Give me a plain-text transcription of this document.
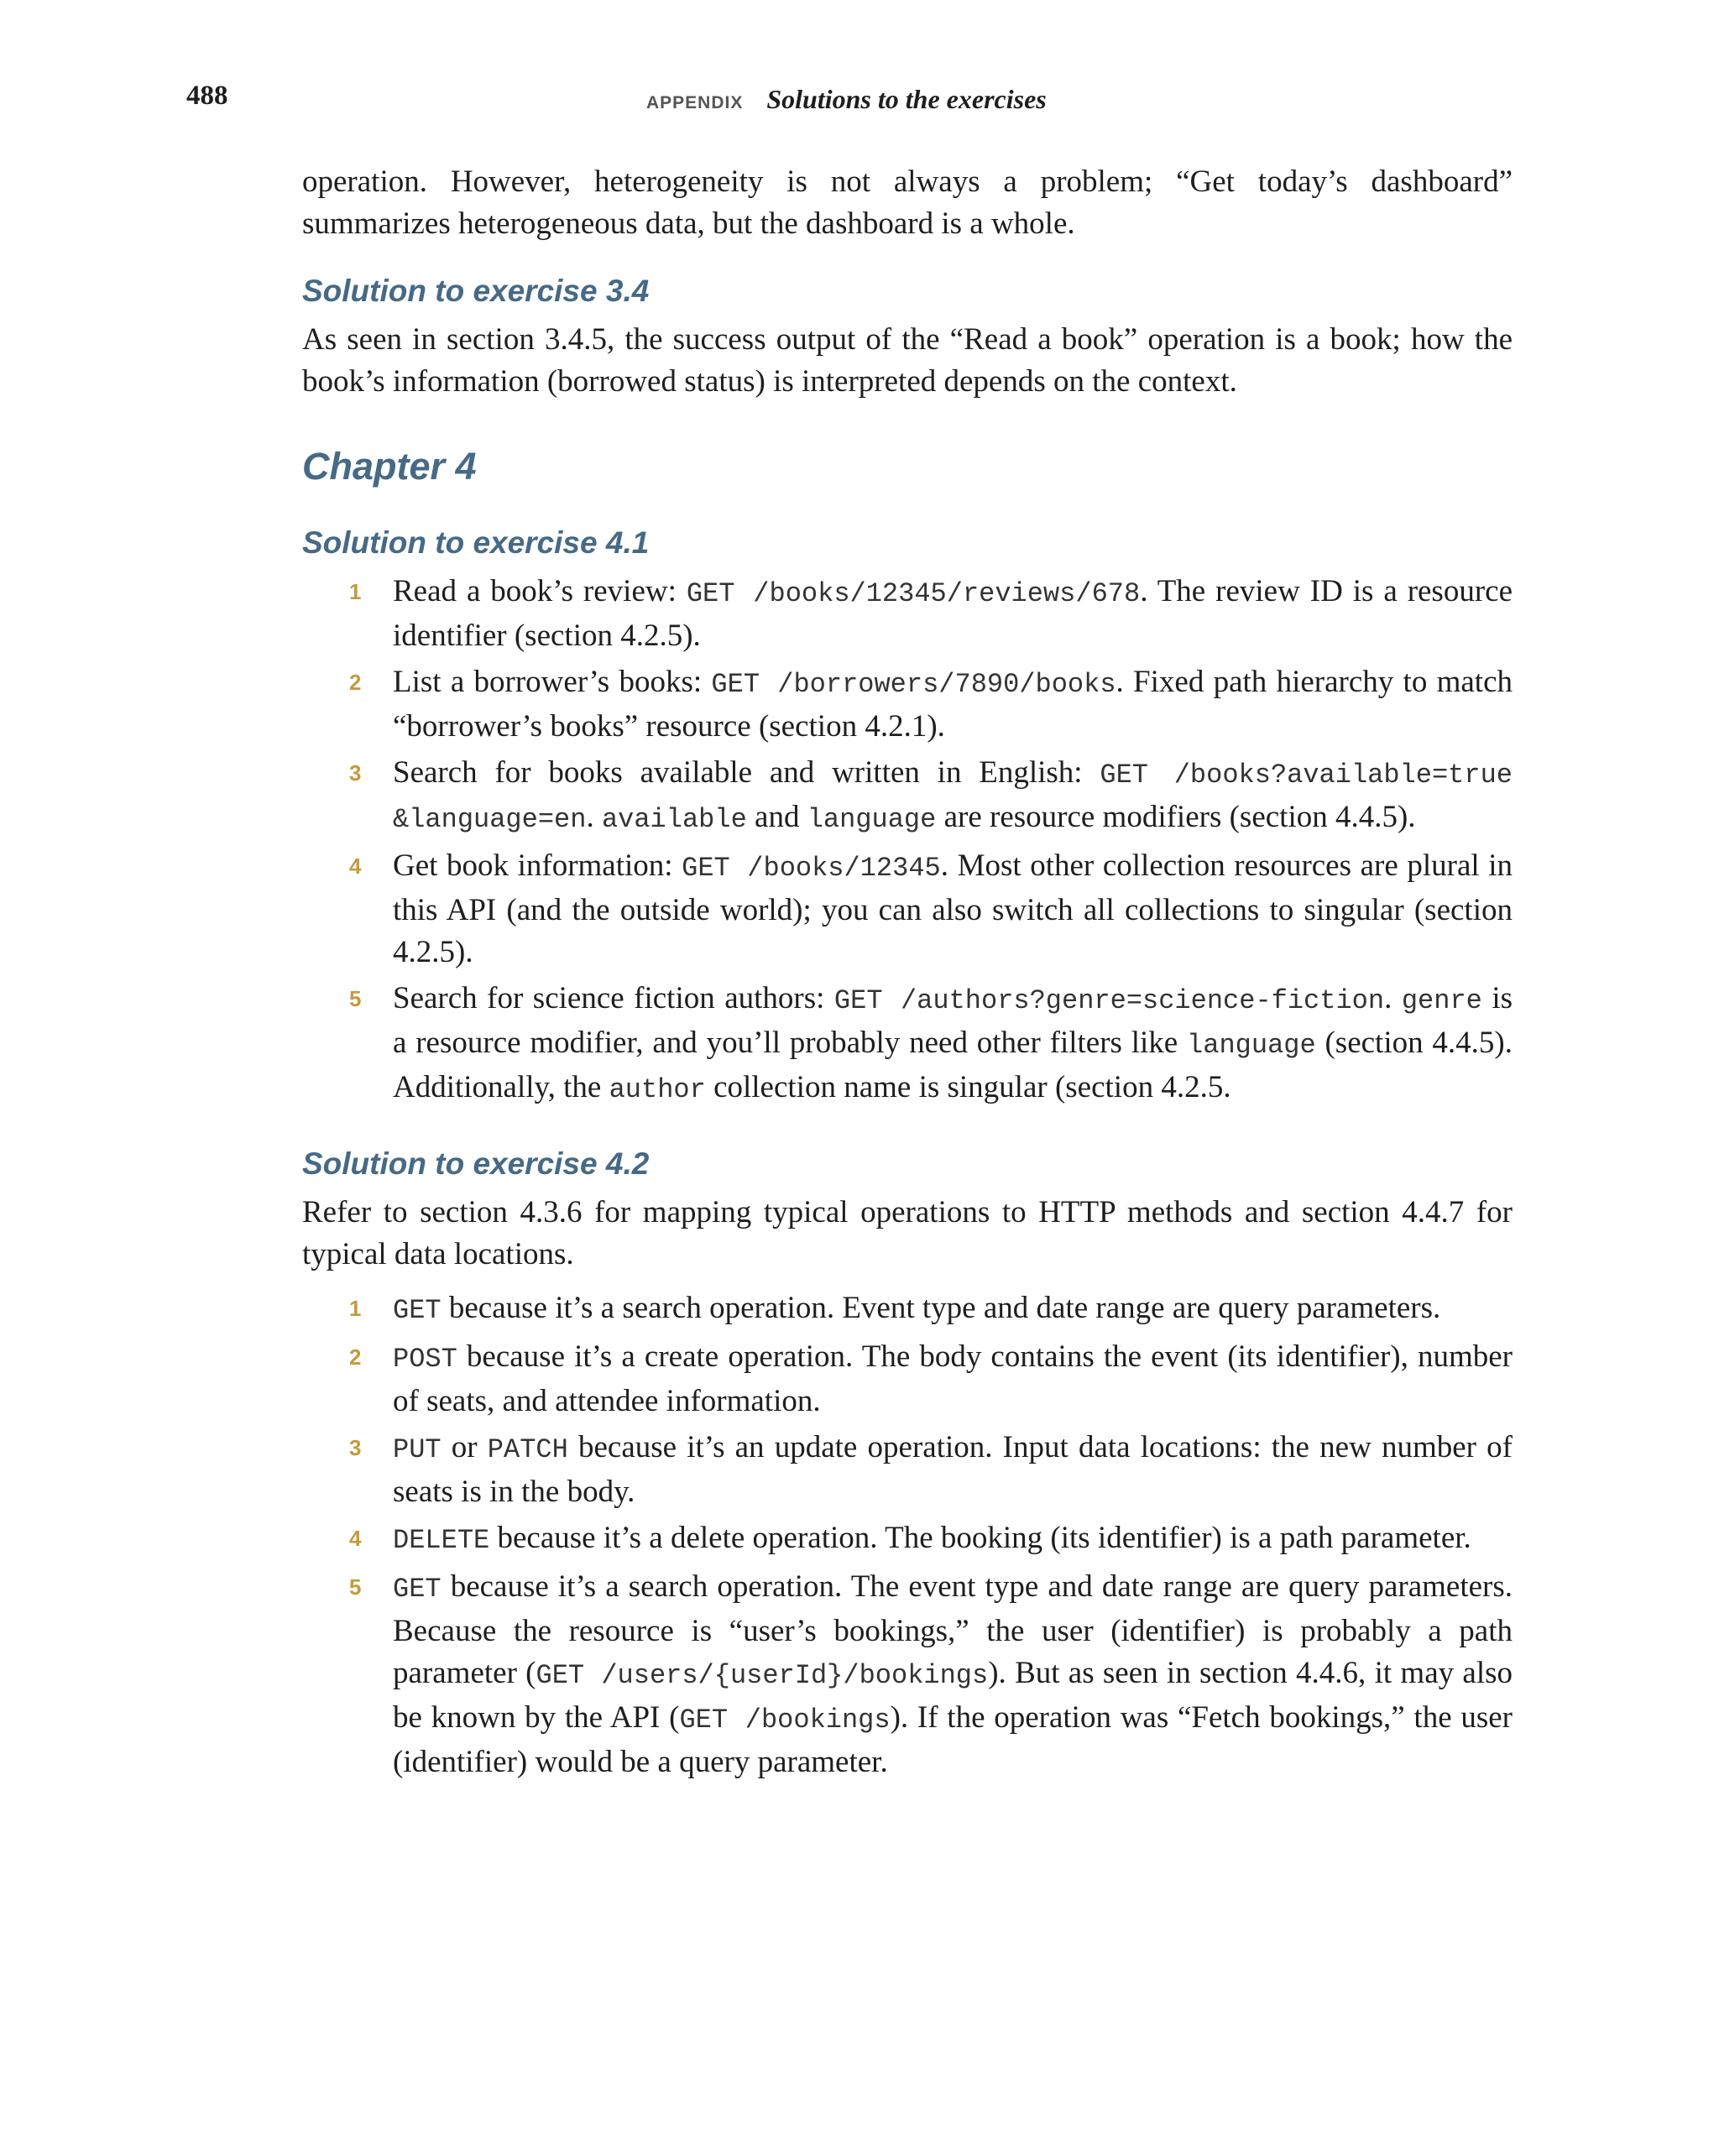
488	APPENDIX Solutions to the exercises

operation. However, heterogeneity is not always a problem; “Get today’s dashboard” summarizes heterogeneous data, but the dashboard is a whole.

Solution to exercise 3.4

As seen in section 3.4.5, the success output of the “Read a book” operation is a book; how the book’s information (borrowed status) is interpreted depends on the context.

Chapter 4
Solution to exercise 4.1
1 Read a book’s review: GET /books/12345/reviews/678. The review ID is a resource identifier (section 4.2.5).
2 List a borrower’s books: GET /borrowers/7890/books. Fixed path hierarchy to match “borrower’s books” resource (section 4.2.1).
3 Search for books available and written in English: GET /books?available=true &language=en. available and language are resource modifiers (section 4.4.5).
4 Get book information: GET /books/12345. Most other collection resources are plural in this API (and the outside world); you can also switch all collections to singular (section 4.2.5).
5 Search for science fiction authors: GET /authors?genre=science-fiction. genre is a resource modifier, and you’ll probably need other filters like language (section 4.4.5). Additionally, the author collection name is singular (section 4.2.5.
Solution to exercise 4.2

Refer to section 4.3.6 for mapping typical operations to HTTP methods and section 4.4.7 for typical data locations.

1 GET because it’s a search operation. Event type and date range are query parameters.
2 POST because it’s a create operation. The body contains the event (its identifier), number of seats, and attendee information.
3 PUT or PATCH because it’s an update operation. Input data locations: the new number of seats is in the body.
4 DELETE because it’s a delete operation. The booking (its identifier) is a path parameter.
5 GET because it’s a search operation. The event type and date range are query parameters. Because the resource is “user’s bookings,” the user (identifier) is probably a path parameter (GET /users/{userId}/bookings). But as seen in section 4.4.6, it may also be known by the API (GET /bookings). If the operation was “Fetch bookings,” the user (identifier) would be a query parameter.
